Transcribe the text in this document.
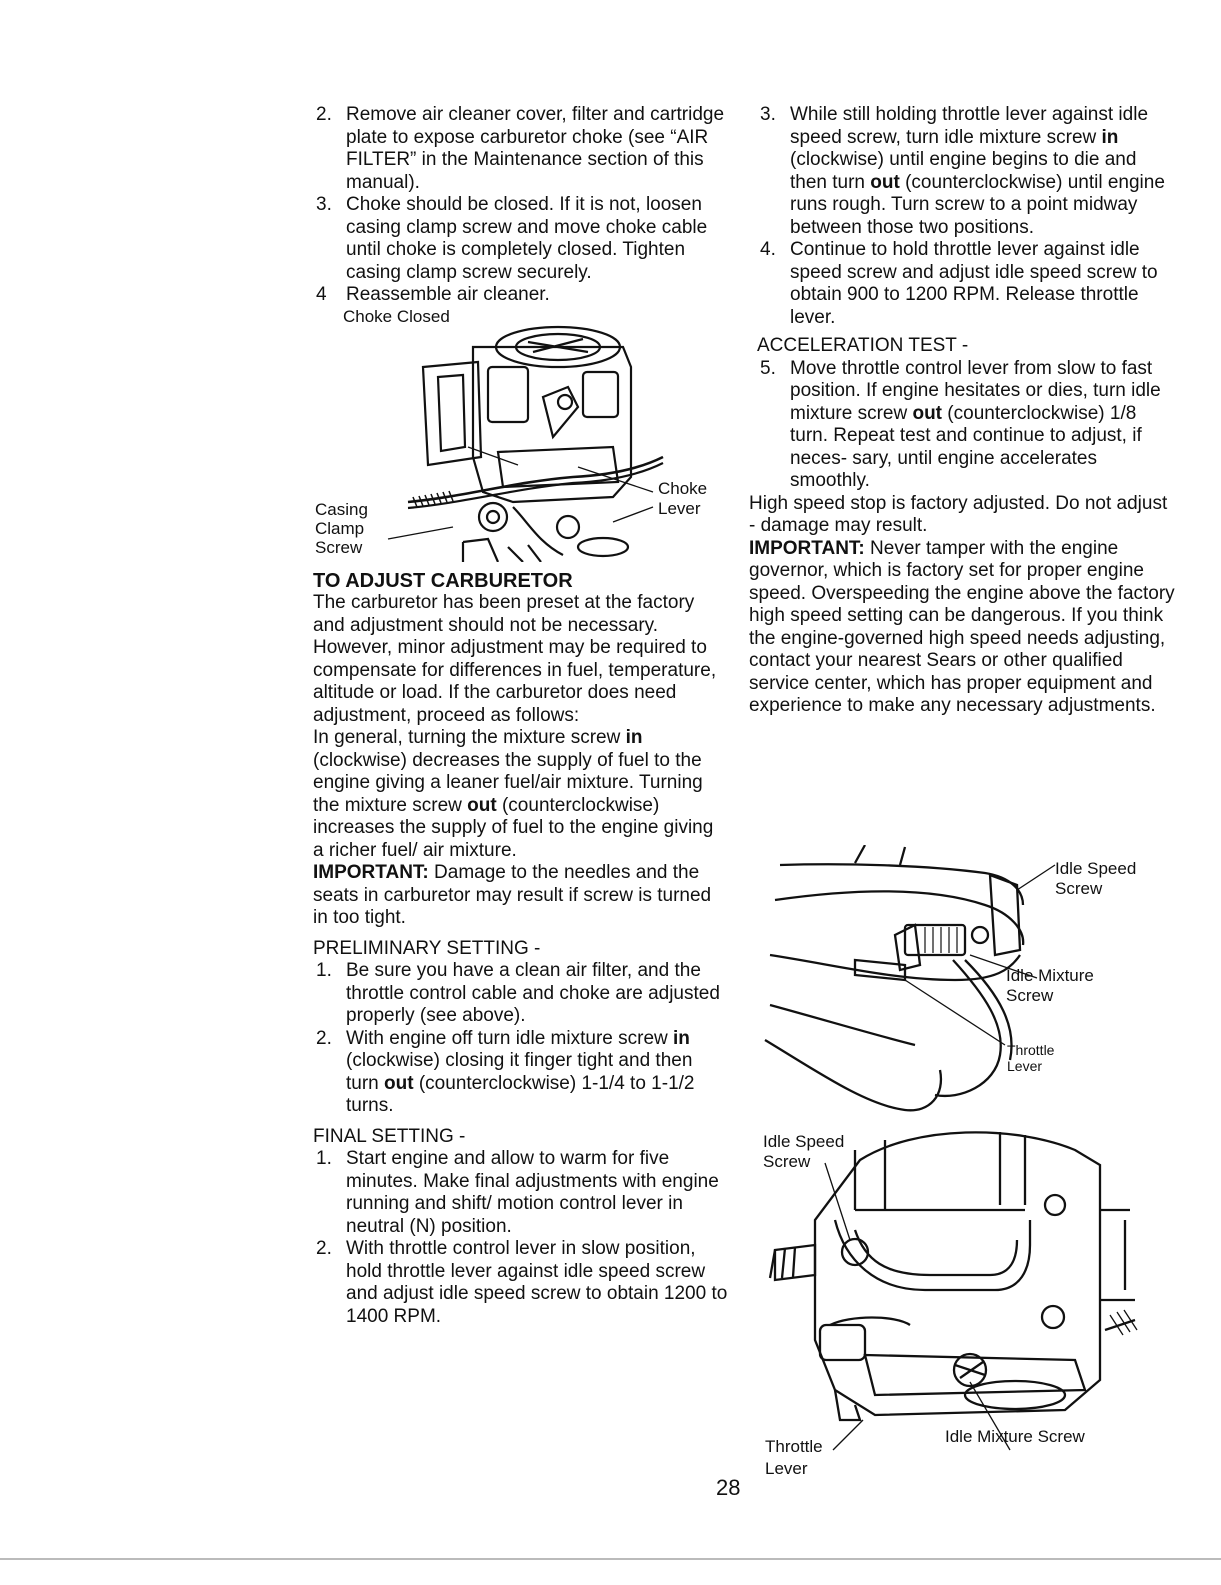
2. Remove air cleaner cover, filter and cartridge plate to expose carburetor choke (see “AIR FILTER” in the Maintenance section of this manual).
3. Choke should be closed. If it is not, loosen casing clamp screw and move choke cable until choke is completely closed. Tighten casing clamp screw securely.
4 Reassemble air cleaner.
Choke Closed
Casing
Clamp
Screw
Choke
Lever
TO ADJUST CARBURETOR

The carburetor has been preset at the factory and adjustment should not be necessary. However, minor adjustment may be required to compensate for differences in fuel, temperature, altitude or load. If the carburetor does need adjustment, proceed as follows:

In general, turning the mixture screw in (clockwise) decreases the supply of fuel to the engine giving a leaner fuel/air mixture. Turning the mixture screw out (counterclockwise) increases the supply of fuel to the engine giving a richer fuel/ air mixture.

IMPORTANT: Damage to the needles and the seats in carburetor may result if screw is turned in too tight.

PRELIMINARY SETTING -
1. Be sure you have a clean air filter, and the throttle control cable and choke are adjusted properly (see above).
2. With engine off turn idle mixture screw in (clockwise) closing it finger tight and then turn out (counterclockwise) 1-1/4 to 1-1/2 turns.
FINAL SETTING -
1. Start engine and allow to warm for five minutes. Make final adjustments with engine running and shift/ motion control lever in neutral (N) position.
2. With throttle control lever in slow position, hold throttle lever against idle speed screw and adjust idle speed screw to obtain 1200 to 1400 RPM.
3. While still holding throttle lever against idle speed screw, turn idle mixture screw in (clockwise) until engine begins to die and then turn out (counterclockwise) until engine runs rough. Turn screw to a point midway between those two positions.
4. Continue to hold throttle lever against idle speed screw and adjust idle speed screw to obtain 900 to 1200 RPM. Release throttle lever.
ACCELERATION TEST -
5. Move throttle control lever from slow to fast position. If engine hesitates or dies, turn idle mixture screw out (counterclockwise) 1/8 turn. Repeat test and continue to adjust, if neces- sary, until engine accelerates smoothly.

High speed stop is factory adjusted. Do not adjust - damage may result.

IMPORTANT: Never tamper with the engine governor, which is factory set for proper engine speed. Overspeeding the engine above the factory high speed setting can be dangerous. If you think the engine-governed high speed needs adjusting, contact your nearest Sears or other qualified service center, which has proper equipment and experience to make any necessary adjustments.

Idle Speed
Screw
Idle Mixture
Screw
Throttle
Lever
Idle Speed
Screw
Throttle
Lever
Idle Mixture Screw
28
